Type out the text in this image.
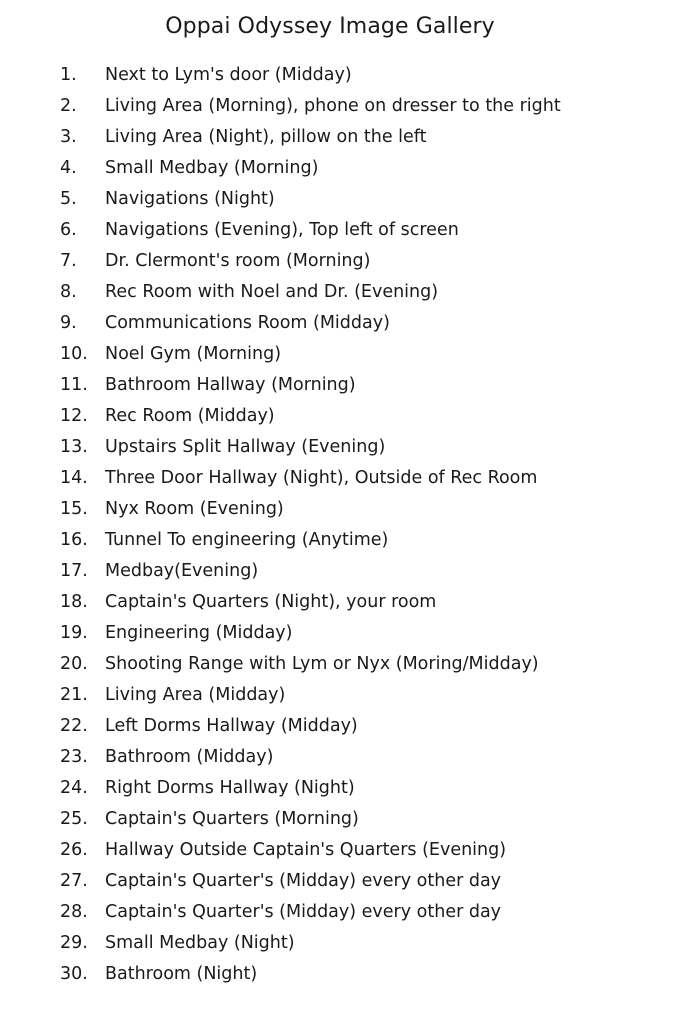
Oppai Odyssey Image Gallery
1.	Next to Lym's door (Midday)
2.	Living Area (Morning), phone on dresser to the right
3.	Living Area (Night), pillow on the left
4.	Small Medbay (Morning)
5.	Navigations (Night)
6.	Navigations (Evening), Top left of screen
7.	Dr. Clermont's room (Morning)
8.	Rec Room with Noel and Dr. (Evening)
9.	Communications Room (Midday)
10. Noel Gym (Morning)
11. Bathroom Hallway (Morning)
12. Rec Room (Midday)
13. Upstairs Split Hallway (Evening)
14. Three Door Hallway (Night), Outside of Rec Room
15. Nyx Room (Evening)
16. Tunnel To engineering (Anytime)
17. Medbay(Evening)
18. Captain's Quarters (Night), your room
19. Engineering (Midday)
20. Shooting Range with Lym or Nyx (Moring/Midday)
21. Living Area (Midday)
22. Left Dorms Hallway (Midday)
23. Bathroom (Midday)
24. Right Dorms Hallway (Night)
25. Captain's Quarters (Morning)
26. Hallway Outside Captain's Quarters (Evening)
27. Captain's Quarter's (Midday) every other day
28. Captain's Quarter's (Midday) every other day
29. Small Medbay (Night)
30. Bathroom (Night)
